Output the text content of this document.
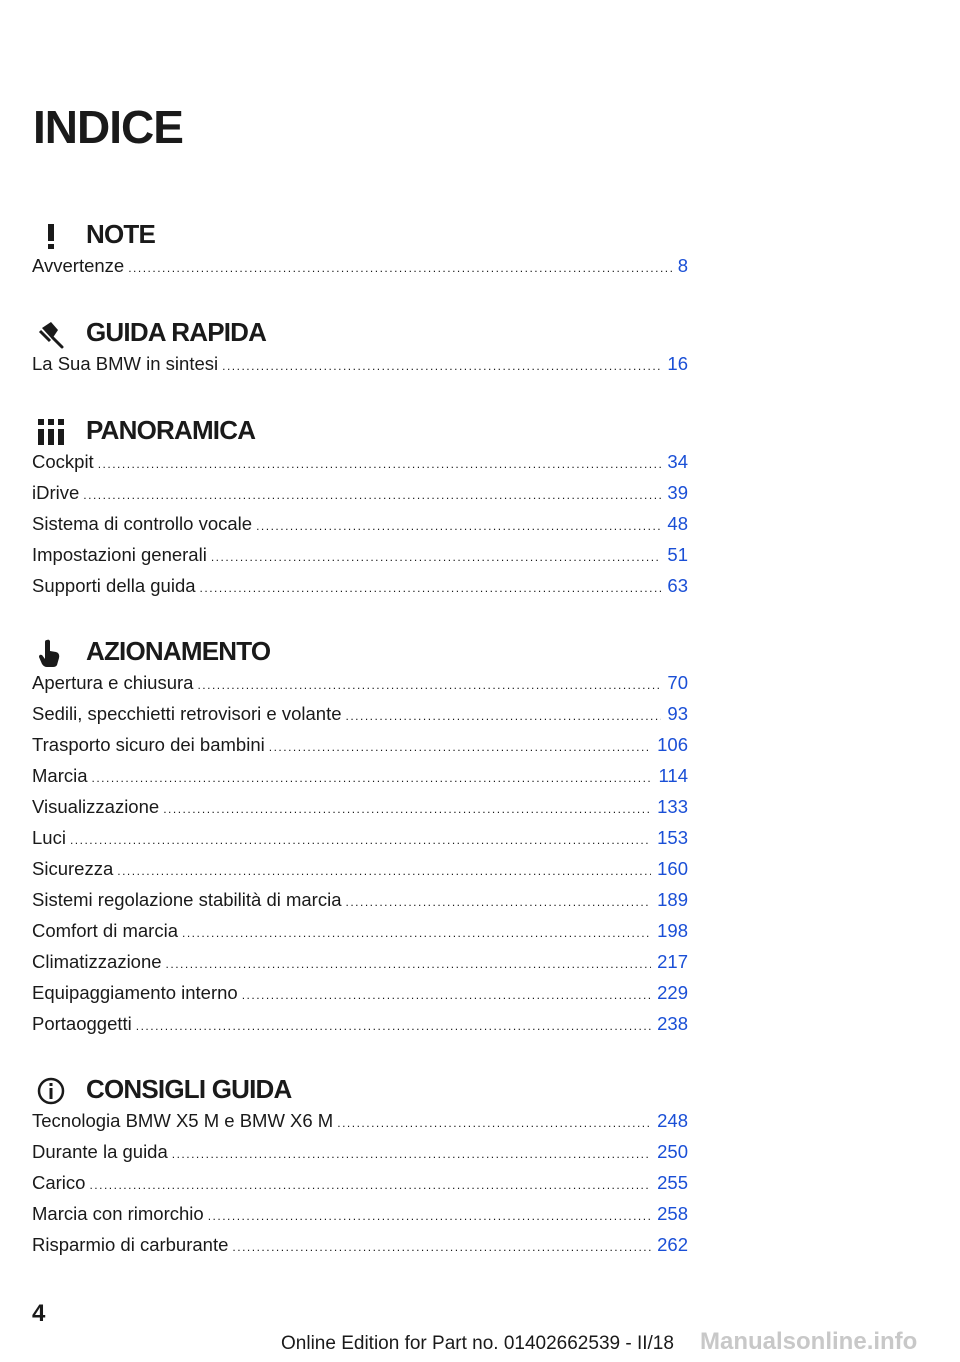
INDICE
NOTE
Avvertenze .....	8
GUIDA RAPIDA
La Sua BMW in sintesi .....	16
PANORAMICA
Cockpit .....	34
iDrive .....	39
Sistema di controllo vocale .....	48
Impostazioni generali .....	51
Supporti della guida .....	63
AZIONAMENTO
Apertura e chiusura .....	70
Sedili, specchietti retrovisori e volante .....	93
Trasporto sicuro dei bambini .....	106
Marcia .....	114
Visualizzazione .....	133
Luci .....	153
Sicurezza .....	160
Sistemi regolazione stabilità di marcia .....	189
Comfort di marcia .....	198
Climatizzazione .....	217
Equipaggiamento interno .....	229
Portaoggetti .....	238
CONSIGLI GUIDA
Tecnologia BMW X5 M e BMW X6 M .....	248
Durante la guida .....	250
Carico .....	255
Marcia con rimorchio .....	258
Risparmio di carburante .....	262
4
Online Edition for Part no. 01402662539 - II/18 Manualsonline.info
